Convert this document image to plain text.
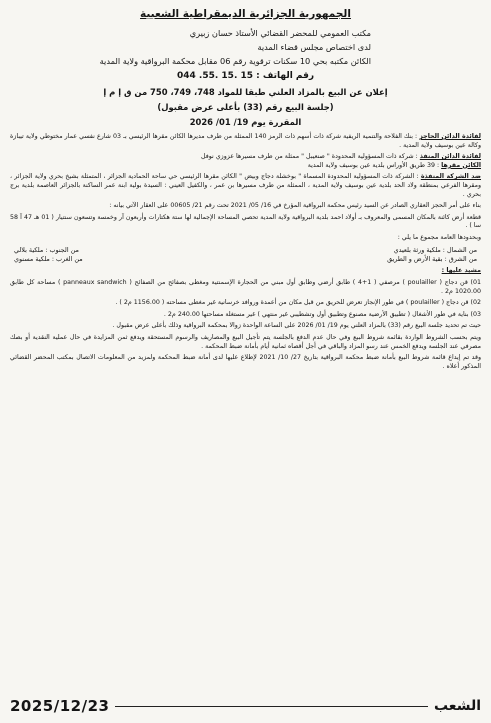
الجمهورية الجزائرية الديمقراطية الشعبية
مكتب العمومي للمحضر القضائي الأستاذ حسان زبيري
لدى اختصاص مجلس قضاء المدية
الكائن مكتبه بحي 10 سكنات ترقوية رقم 06 مقابل محكمة البرواقية ولاية المدية
رقم الهاتف : 15 .15 .55. 044
إعلان عن البيع بالمزاد العلني طبقا للمواد 748، 749، 750 من ق إ م إ
(جلسة البيع رقم (33) بأعلى عرض مقبول)
المقررة يوم 19/ 01/ 2026
لفائدة الدائن الحاجز : بنك الفلاحة والتنمية الريفية شركة ذات أسهم ذات الرمز 140 الممثلة من طرف مديرها الكائن مقرها الرئيسي بـ 03 شارع نفسي عمار مختوطي ولاية تيبازة وكالة عين بوسيف ولاية المدية .
لفائدة الدائن المنفذ : شركة ذات المسؤولية المحدودة " صنعيبل " ممثلة من طرف مسيرها عزوزي نوفل
الكائن مقرها : 39 طريق الأوراس بلدية عين بوسيف ولاية المدية
ضد الشركة المنفذة : الشركة ذات المسؤولية المحدودة المسماة " بوخشلة دجاج وبيض " الكائن مقرها الرئيسي حي ساحة الحمادية الجزائر ، المتمثلة بشيخ بحري ولاية الجزائر ، ومقرها الفرعي بمنطقة ولاد الحد بلدية عين بوسيف ولاية المدية ، الممثلة من طرف مسيرها بن عمر ، والكفيل العيني : السيدة بولية ابنة عمر الساكنة بالجزائر العاصمة بلدية برج بحري .
بناء على أمر الحجز العقاري الصادر عن السيد رئيس محكمة البرواقية المؤرخ في 16/ 05/ 2021 تحت رقم 21/ 00605 على العقار الآتي بيانه :
قطعة أرض كائنة بالمكان المسمى والمعروف بـ أولاد احمد بلدية البرواقية ولاية المدية تحصي المساحة الإجمالية لها ستة هكتارات وأربعون آر وخمسة وتسعون سنتيار ( 01 هـ 47 آ 58 سا ) .
وبحدودها العامة مجموع ما يلي :
من الشمال : ملكية ورثة بلعيدي
من الجنوب : ملكية بلالي
من الشرق : بقية الأرض و الطريق
من الغرب : ملكية مسنوي
مشيد عليها :
01) قن دجاج ( poulailler ) مرصفي ( 1+4 ) طابق أرضي وطابق أول مبني من الحجارة الإسمنتية ومغطى بصفائح من الصفائح ( panneaux sandwich ) مساحة كل طابق 1020.00 م2 .
02) قن دجاج ( poulailler ) في طور الإنجاز تعرض للحريق من قبل مكان من أعمدة وروافد خرسانية غير مغطى مساحته ( 1156.00 م2 ) .
03) بناية في طور الأشغال ( تطبيق الأرضية مصنوع وتطبيق أول وتشطيبي غير منتهي ) غير مستغلة مساحتها 240.00 م2 .
حيث تم تحديد جلسة البيع رقم (33) بالمزاد العلني يوم 19/ 01/ 2026 على الساعة الواحدة زوالا بمحكمة البرواقية وذلك بأعلى عرض مقبول .
ويتم بحسب الشروط الواردة بقائمة شروط البيع وفي حال عدم الدفع بالجلسة يتم تأجيل البيع والمصاريف والرسوم المستحقة ويدفع ثمن المزايدة في حال عملية النقدية أو بصك مصرفي عند الجلسة ويدفع الخمس عند رسو المزاد والباقي في أجل أقصاه ثمانية أيام بأمانة ضبط المحكمة .
وقد تم إيداع قائمة شروط البيع بأمانة ضبط محكمة البرواقية بتاريخ 27/ 10/ 2021 لإطلاع عليها لدى أمانة ضبط المحكمة ولمزيد من المعلومات الاتصال بمكتب المحضر القضائي المذكور أعلاه .
2025/12/23	الشعب
